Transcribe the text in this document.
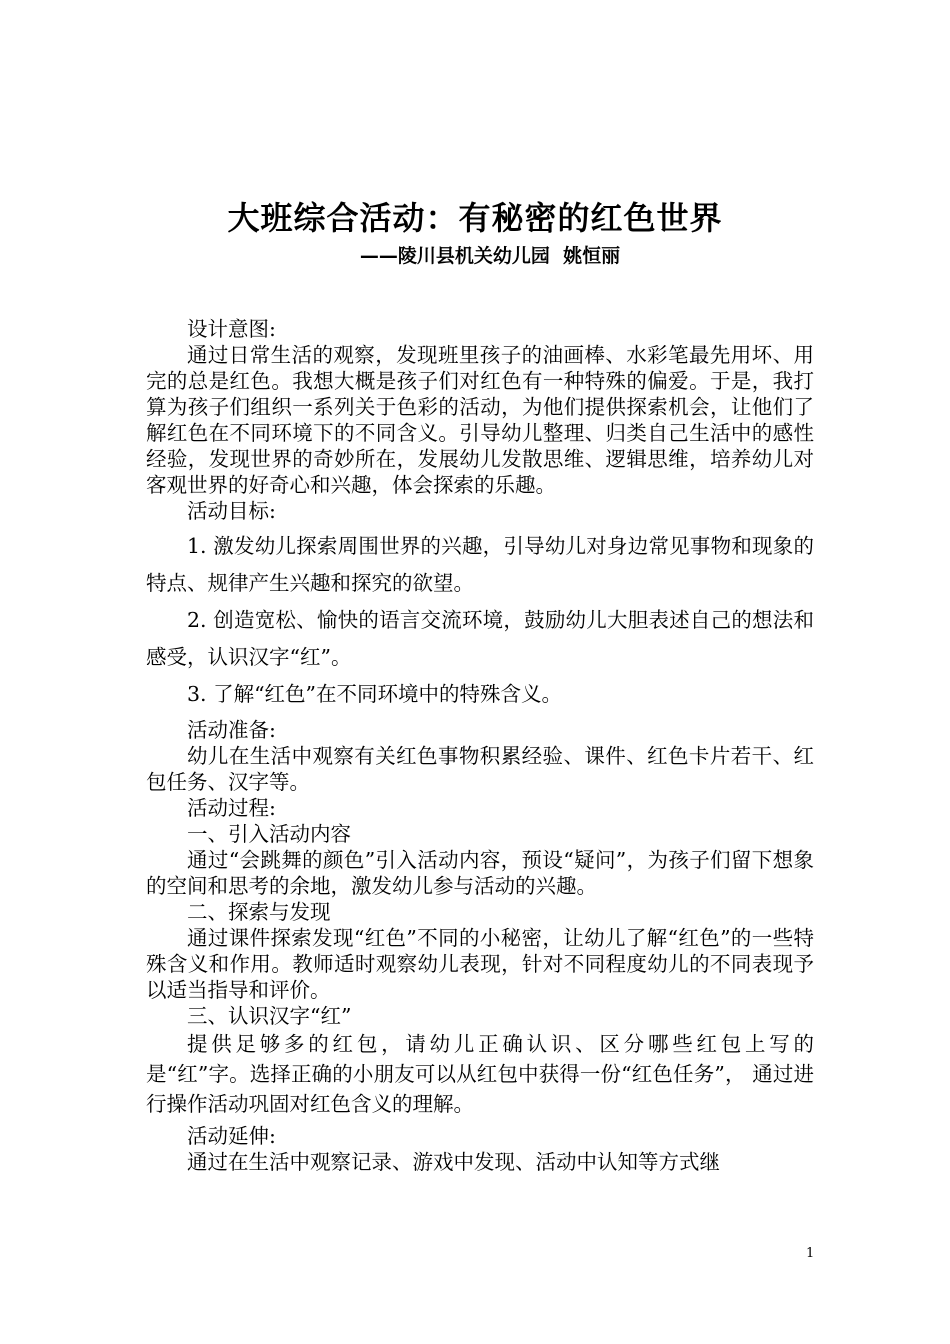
大班综合活动：有秘密的红色世界
——陵川县机关幼儿园  姚恒丽

设计意图:

通过日常生活的观察，发现班里孩子的油画棒、水彩笔最先用坏、用完的总是红色。我想大概是孩子们对红色有一种特殊的偏爱。于是，我打算为孩子们组织一系列关于色彩的活动，为他们提供探索机会，让他们了解红色在不同环境下的不同含义。引导幼儿整理、归类自己生活中的感性经验，发现世界的奇妙所在，发展幼儿发散思维、逻辑思维，培养幼儿对客观世界的好奇心和兴趣，体会探索的乐趣。

活动目标:

1. 激发幼儿探索周围世界的兴趣，引导幼儿对身边常见事物和现象的特点、规律产生兴趣和探究的欲望。

2. 创造宽松、愉快的语言交流环境，鼓励幼儿大胆表述自己的想法和感受，认识汉字“红”。

3. 了解“红色”在不同环境中的特殊含义。

活动准备:

幼儿在生活中观察有关红色事物积累经验、课件、红色卡片若干、红包任务、汉字等。

活动过程:

一、引入活动内容

通过“会跳舞的颜色”引入活动内容，预设“疑问”，为孩子们留下想象的空间和思考的余地，激发幼儿参与活动的兴趣。

二、探索与发现

通过课件探索发现“红色”不同的小秘密，让幼儿了解“红色”的一些特殊含义和作用。教师适时观察幼儿表现，针对不同程度幼儿的不同表现予以适当指导和评价。

三、认识汉字“红”

提供足够多的红包，请幼儿正确认识、区分哪些红包上写的是“红”字。选择正确的小朋友可以从红包中获得一份“红色任务”， 通过进行操作活动巩固对红色含义的理解。

活动延伸:

通过在生活中观察记录、游戏中发现、活动中认知等方式继

1
